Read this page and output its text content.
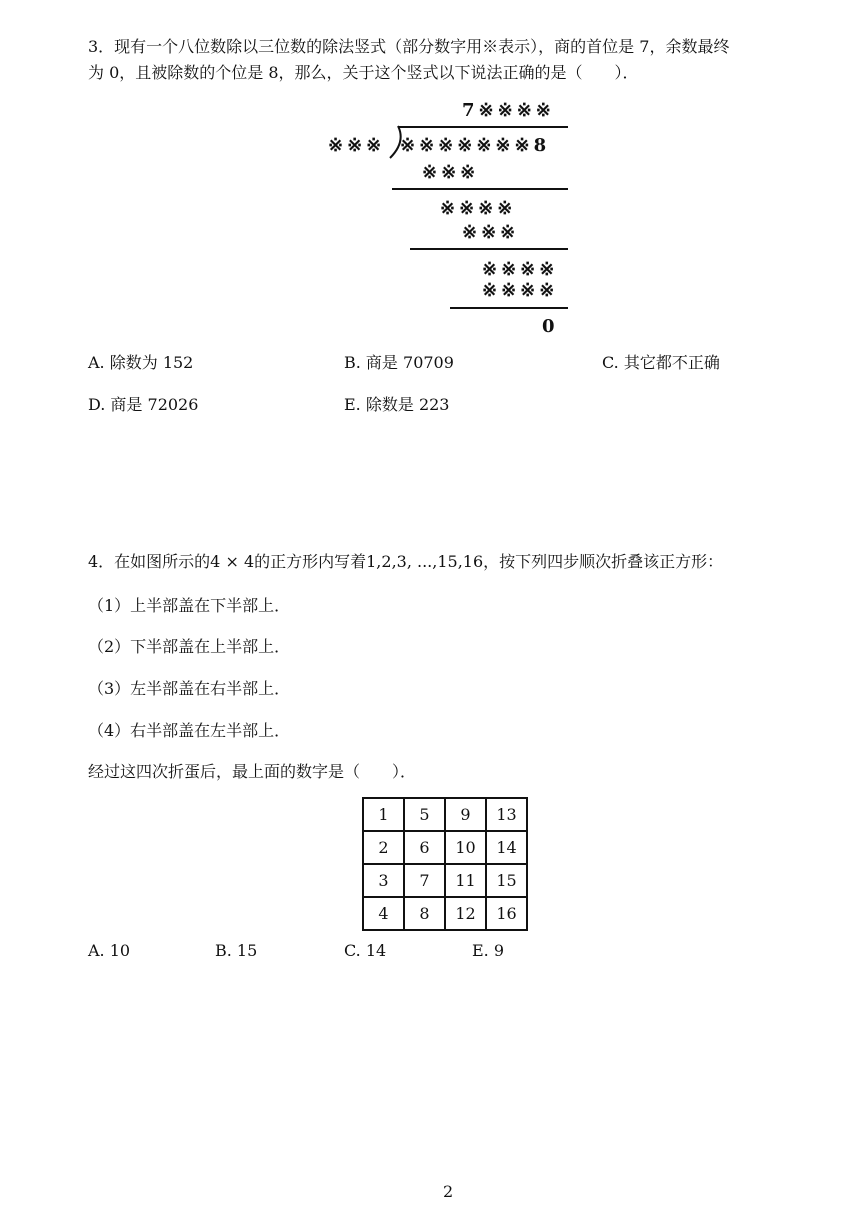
3．现有一个八位数除以三位数的除法竖式（部分数字用※表示），商的首位是 7，余数最终
为 0，且被除数的个位是 8，那么，关于这个竖式以下说法正确的是（　　）．
7※※※※
※※※ ※※※※※※※8
※※※
※※※※
※※※
※※※※
※※※※
0
A. 除数为 152	B. 商是 70709	C. 其它都不正确
D. 商是 72026	E. 除数是 223
4．在如图所示的4 × 4的正方形内写着1,2,3, ...,15,16，按下列四步顺次折叠该正方形：
（1）上半部盖在下半部上．
（2）下半部盖在上半部上．
（3）左半部盖在右半部上．
（4）右半部盖在左半部上．
经过这四次折蛋后，最上面的数字是（　　）．
1	5	9	13
2	6	10	14
3	7	11	15
4	8	12	16
A. 10	B. 15	C. 14	E. 9
2
